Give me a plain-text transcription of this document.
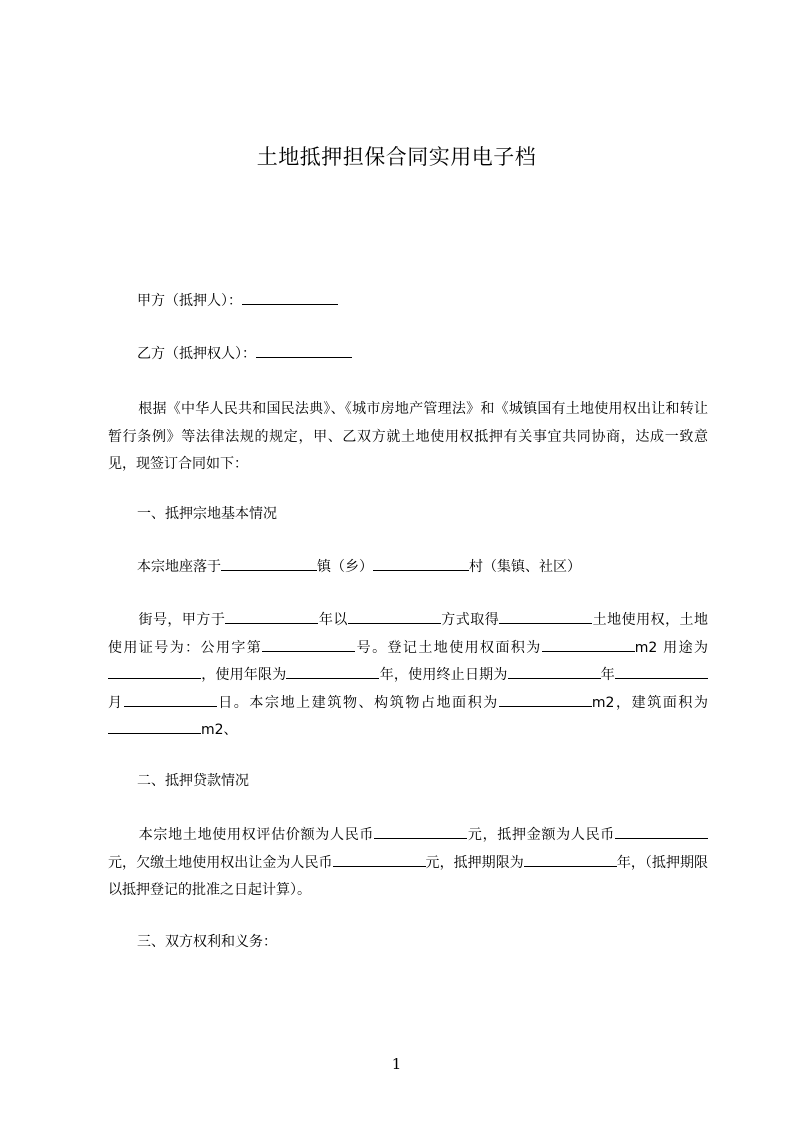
土地抵押担保合同实用电子档
甲方（抵押人）：
乙方（抵押权人）：
根据《中华人民共和国民法典》、《城市房地产管理法》和《城镇国有土地使用权出让和转让暂行条例》等法律法规的规定，甲、乙双方就土地使用权抵押有关事宜共同协商，达成一致意见，现签订合同如下：
一、抵押宗地基本情况
本宗地座落于	镇（乡）	村（集镇、社区）
街号，甲方于	年以	方式取得	土地使用权，土地使用证号为：公用字第	号。登记土地使用权面积为	m2 用途为，使用年限为	年，使用终止日期为	年月	日。本宗地上建筑物、构筑物占地面积为	m2，建筑面积为m2、
二、抵押贷款情况
本宗地土地使用权评估价额为人民币	元，抵押金额为人民币元，欠缴土地使用权出让金为人民币	元，抵押期限为	年，（抵押期限以抵押登记的批准之日起计算）。
三、双方权利和义务：
1
